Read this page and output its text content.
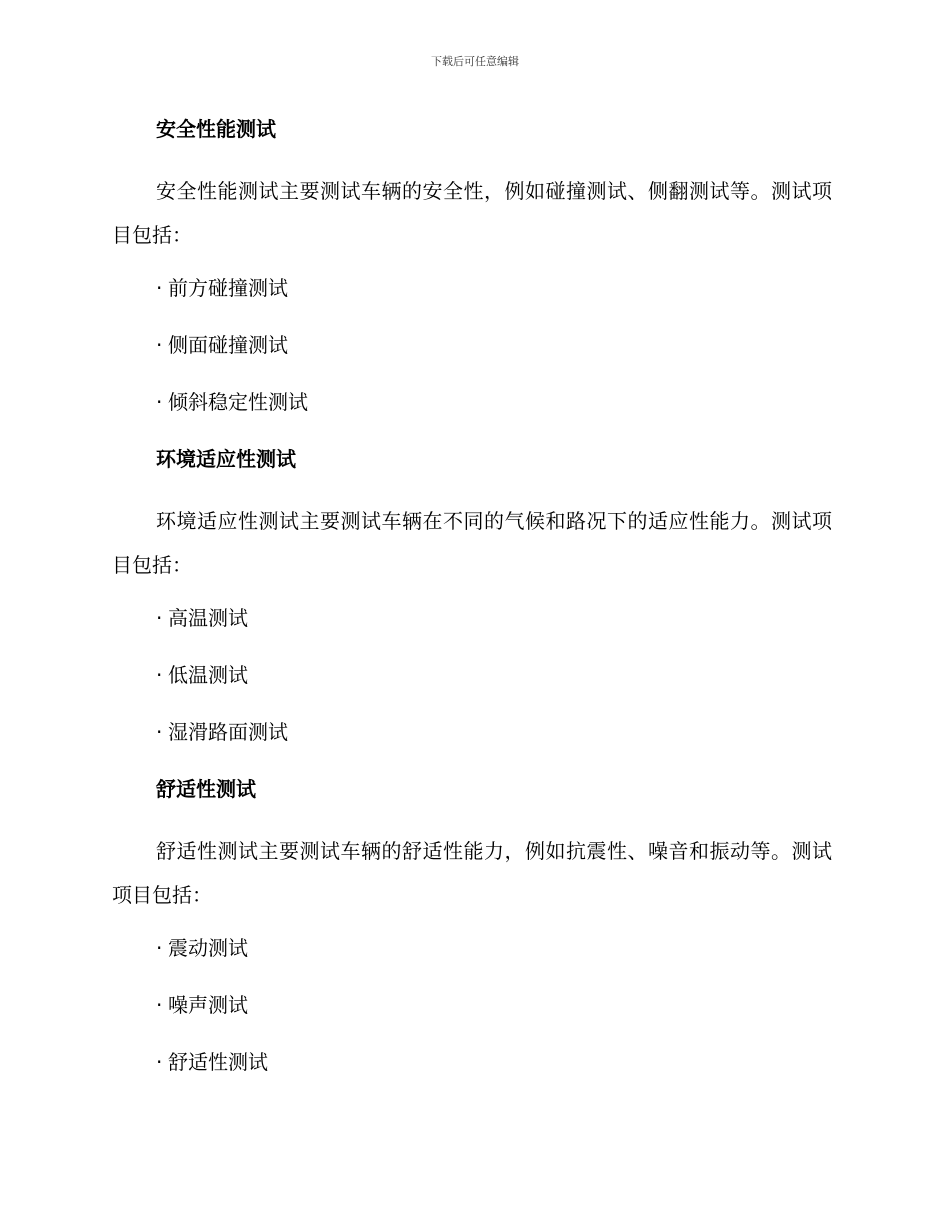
下载后可任意编辑
安全性能测试

安全性能测试主要测试车辆的安全性，例如碰撞测试、侧翻测试等。测试项目包括：

· 前方碰撞测试
· 侧面碰撞测试
· 倾斜稳定性测试
环境适应性测试

环境适应性测试主要测试车辆在不同的气候和路况下的适应性能力。测试项目包括：

· 高温测试
· 低温测试
· 湿滑路面测试
舒适性测试

舒适性测试主要测试车辆的舒适性能力，例如抗震性、噪音和振动等。测试项目包括：

· 震动测试
· 噪声测试
· 舒适性测试
